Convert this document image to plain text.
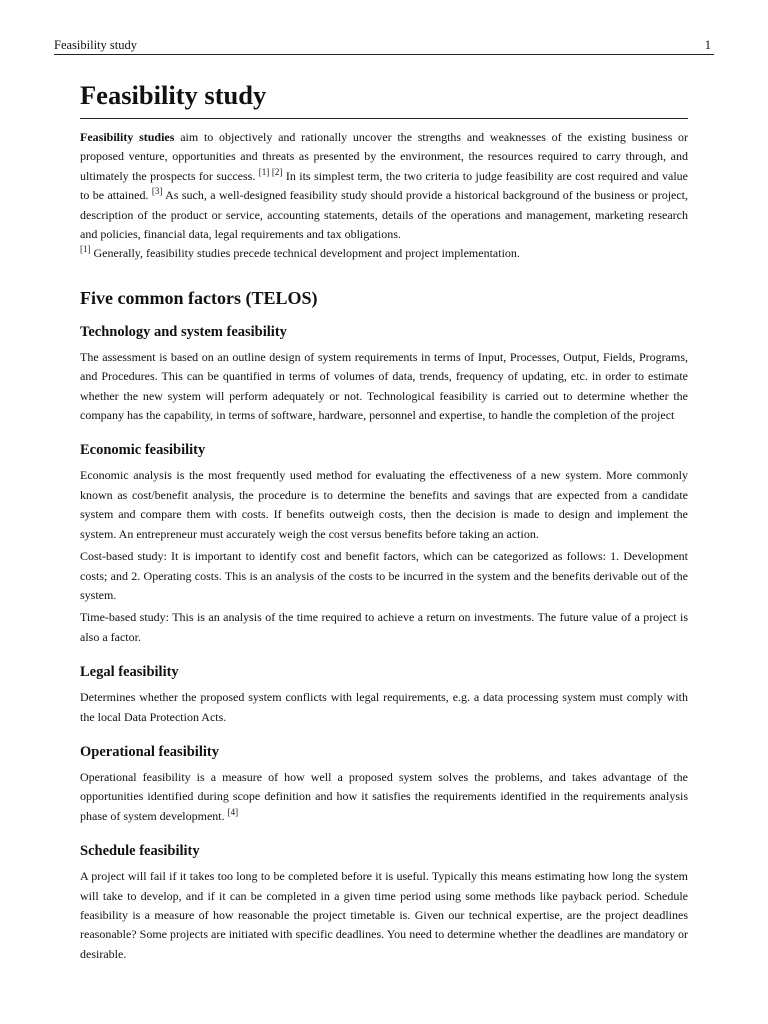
Feasibility study	1
Feasibility study

Feasibility studies aim to objectively and rationally uncover the strengths and weaknesses of the existing business or proposed venture, opportunities and threats as presented by the environment, the resources required to carry through, and ultimately the prospects for success. [1] [2] In its simplest term, the two criteria to judge feasibility are cost required and value to be attained. [3] As such, a well-designed feasibility study should provide a historical background of the business or project, description of the product or service, accounting statements, details of the operations and management, marketing research and policies, financial data, legal requirements and tax obligations.
[1] Generally, feasibility studies precede technical development and project implementation.

Five common factors (TELOS)
Technology and system feasibility

The assessment is based on an outline design of system requirements in terms of Input, Processes, Output, Fields, Programs, and Procedures. This can be quantified in terms of volumes of data, trends, frequency of updating, etc. in order to estimate whether the new system will perform adequately or not. Technological feasibility is carried out to determine whether the company has the capability, in terms of software, hardware, personnel and expertise, to handle the completion of the project

Economic feasibility

Economic analysis is the most frequently used method for evaluating the effectiveness of a new system. More commonly known as cost/benefit analysis, the procedure is to determine the benefits and savings that are expected from a candidate system and compare them with costs. If benefits outweigh costs, then the decision is made to design and implement the system. An entrepreneur must accurately weigh the cost versus benefits before taking an action.

Cost-based study: It is important to identify cost and benefit factors, which can be categorized as follows: 1. Development costs; and 2. Operating costs. This is an analysis of the costs to be incurred in the system and the benefits derivable out of the system.

Time-based study: This is an analysis of the time required to achieve a return on investments. The future value of a project is also a factor.

Legal feasibility

Determines whether the proposed system conflicts with legal requirements, e.g. a data processing system must comply with the local Data Protection Acts.

Operational feasibility

Operational feasibility is a measure of how well a proposed system solves the problems, and takes advantage of the opportunities identified during scope definition and how it satisfies the requirements identified in the requirements analysis phase of system development. [4]

Schedule feasibility

A project will fail if it takes too long to be completed before it is useful. Typically this means estimating how long the system will take to develop, and if it can be completed in a given time period using some methods like payback period. Schedule feasibility is a measure of how reasonable the project timetable is. Given our technical expertise, are the project deadlines reasonable? Some projects are initiated with specific deadlines. You need to determine whether the deadlines are mandatory or desirable.
